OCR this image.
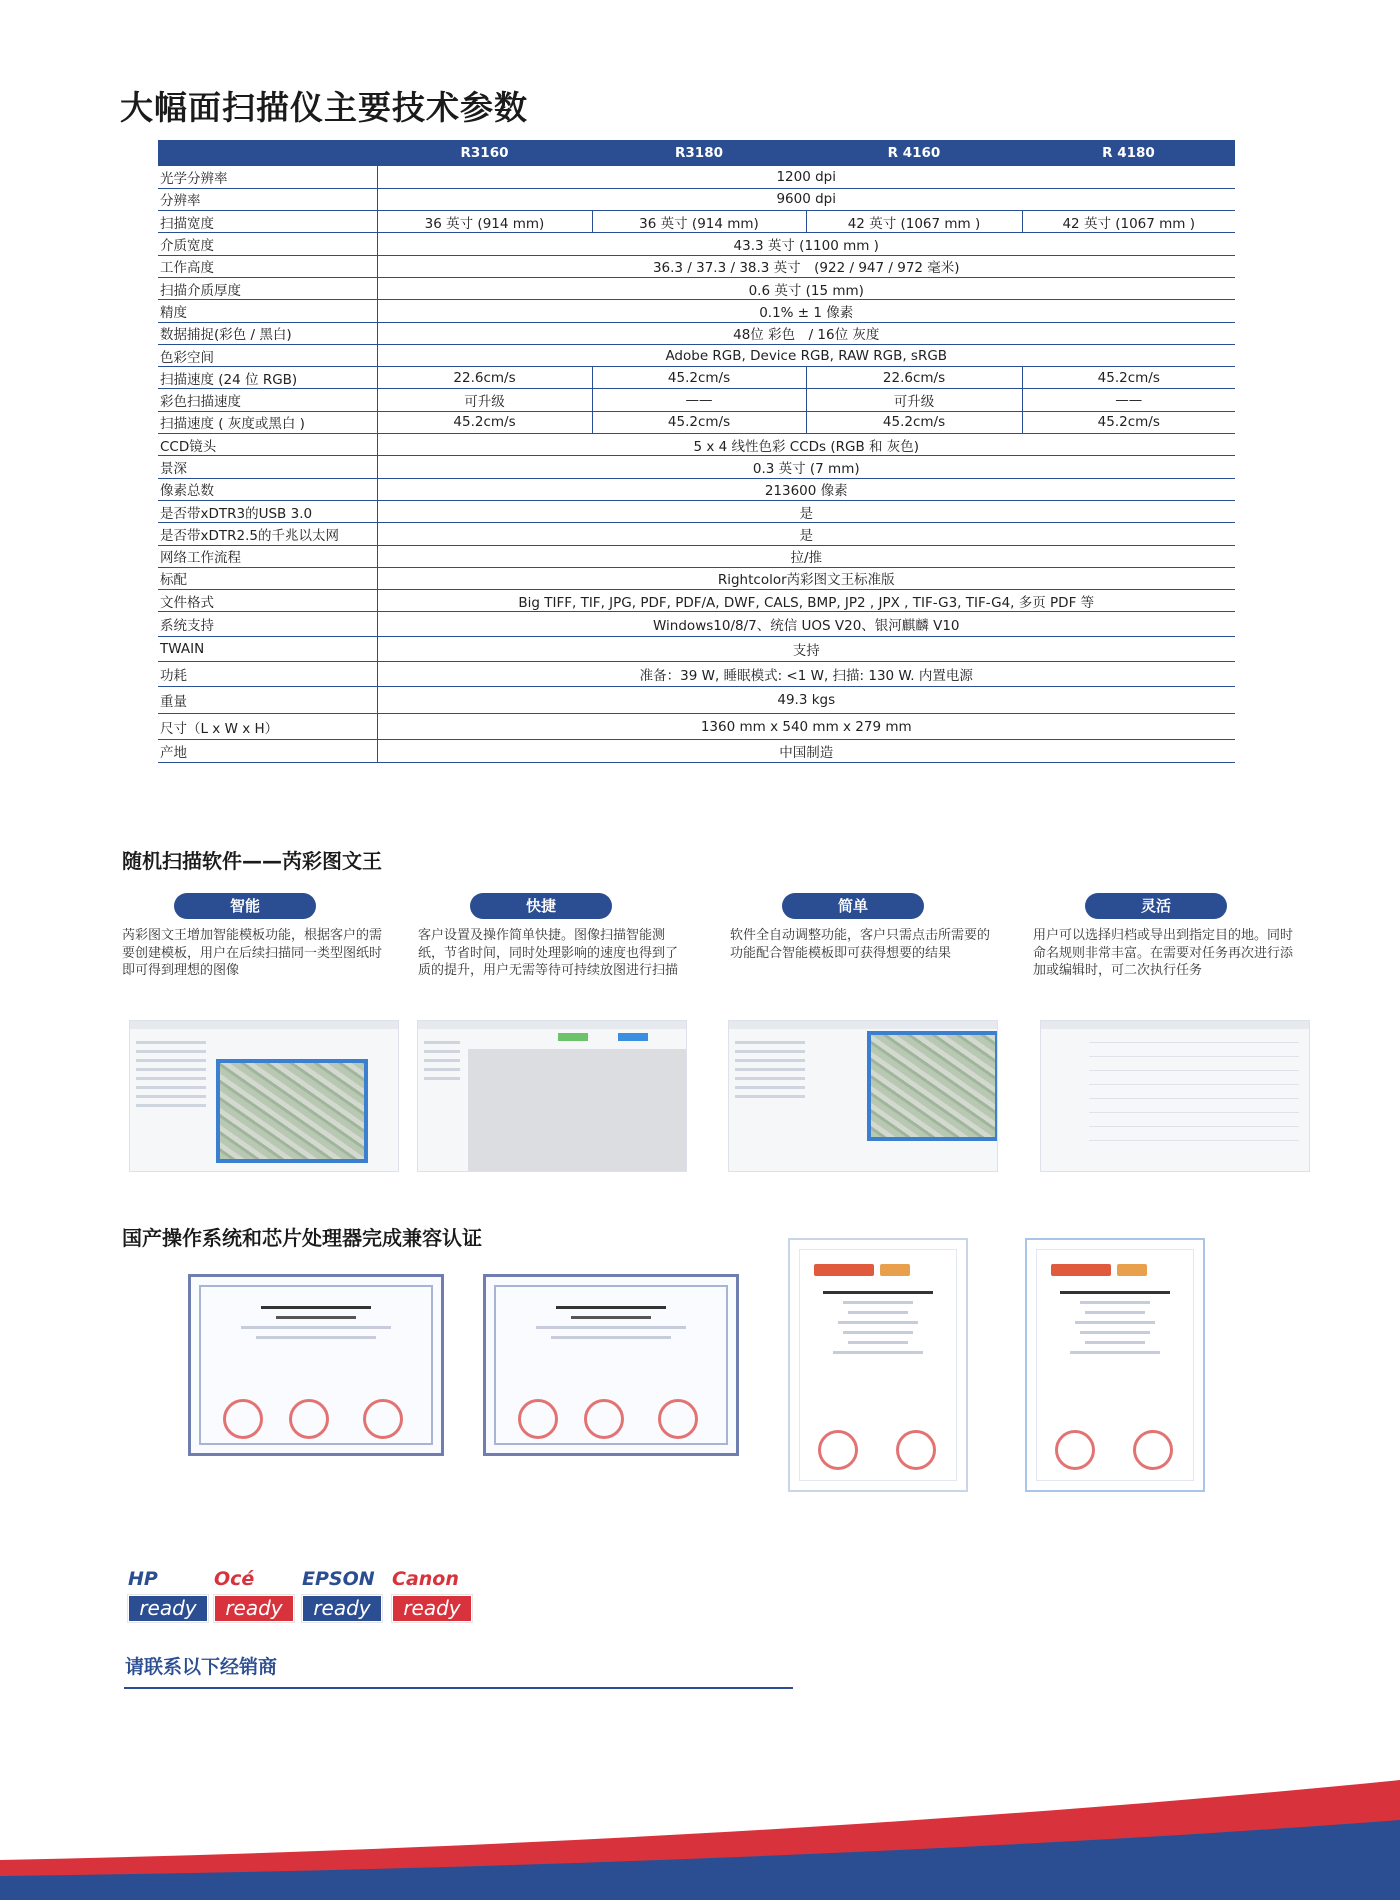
大幅面扫描仪主要技术参数
	R3160	R3180	R 4160	R 4180
光学分辨率	1200 dpi			
分辨率	9600 dpi			
扫描宽度	36 英寸 (914 mm)	36 英寸 (914 mm)	42 英寸 (1067 mm )	42 英寸 (1067 mm )
介质宽度	43.3 英寸 (1100 mm )			
工作高度	36.3 / 37.3 / 38.3 英寸　(922 / 947 / 972 毫米)			
扫描介质厚度	0.6 英寸 (15 mm)			
精度	0.1% ± 1 像素			
数据捕捉(彩色 / 黑白)	48位 彩色　/ 16位 灰度			
色彩空间	Adobe RGB, Device RGB, RAW RGB, sRGB			
扫描速度 (24 位 RGB)	22.6cm/s	45.2cm/s	22.6cm/s	45.2cm/s
彩色扫描速度	可升级	——	可升级	——
扫描速度 ( 灰度或黑白 )	45.2cm/s	45.2cm/s	45.2cm/s	45.2cm/s
CCD镜头	5 x 4 线性色彩 CCDs (RGB 和 灰色)			
景深	0.3 英寸 (7 mm)			
像素总数	213600 像素			
是否带xDTR3的USB 3.0	是			
是否带xDTR2.5的千兆以太网	是			
网络工作流程	拉/推			
标配	Rightcolor芮彩图文王标准版			
文件格式	Big TIFF, TIF, JPG, PDF, PDF/A, DWF, CALS, BMP, JP2 , JPX , TIF-G3, TIF-G4, 多页 PDF 等			
系统支持	Windows10/8/7、统信 UOS V20、银河麒麟 V10			
TWAIN	支持			
功耗	准备：39 W, 睡眠模式: <1 W, 扫描: 130 W. 内置电源			
重量	49.3 kgs			
尺寸（L x W x H）	1360 mm x 540 mm x 279 mm			
产地	中国制造			
随机扫描软件——芮彩图文王
智能
芮彩图文王增加智能模板功能，根据客户的需要创建模板，用户在后续扫描同一类型图纸时即可得到理想的图像
快捷
客户设置及操作简单快捷。图像扫描智能测纸，节省时间，同时处理影响的速度也得到了质的提升，用户无需等待可持续放图进行扫描
简单
软件全自动调整功能，客户只需点击所需要的功能配合智能模板即可获得想要的结果
灵活
用户可以选择归档或导出到指定目的地。同时命名规则非常丰富。在需要对任务再次进行添加或编辑时，可二次执行任务
国产操作系统和芯片处理器完成兼容认证
HP
ready
Océ
ready
EPSON
ready
Canon
ready
请联系以下经销商
